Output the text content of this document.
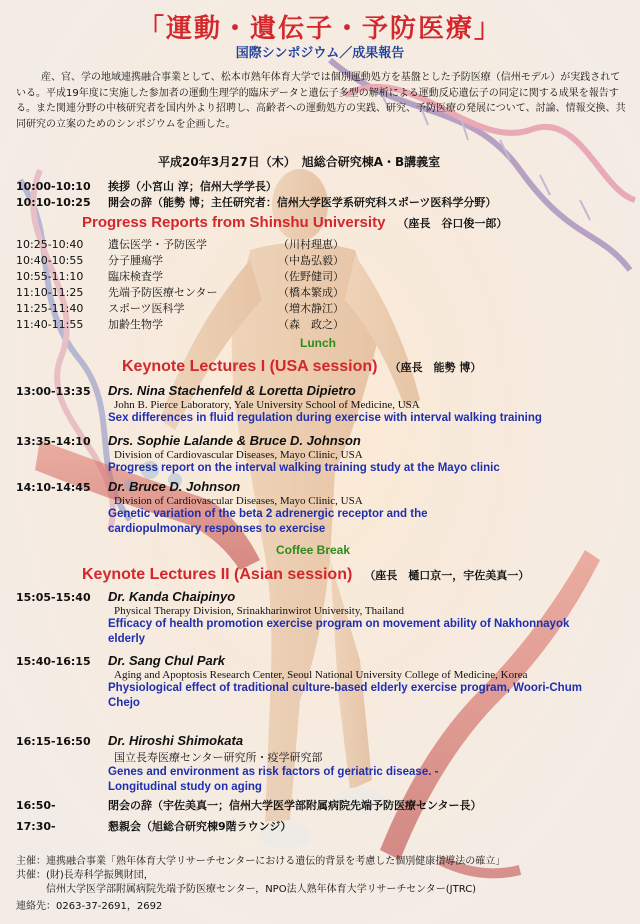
「運動・遺伝子・予防医療」
国際シンポジウム／成果報告
産、官、学の地域連携融合事業として、松本市熟年体育大学では個別運動処方を基盤とした予防医療（信州モデル）が実践されている。平成19年度に実施した参加者の運動生理学的臨床データと遺伝子多型の解析による運動反応遺伝子の同定に関する成果を報告する。また関連分野の中核研究者を国内外より招聘し、高齢者への運動処方の実践、研究、予防医療の発展について、討論、情報交換、共同研究の立案のためのシンポジウムを企画した。
平成20年3月27日（木）　旭総合研究棟A・B講義室
10:00-10:10 挨拶（小宮山 淳；信州大学学長）
10:10-10:25 開会の辞（能勢 博；主任研究者：信州大学医学系研究科スポーツ医科学分野）
Progress Reports from Shinshu University （座長　谷口俊一郎）
10:25-10:40 遺伝医学・予防医学	（川村理恵）
10:40-10:55 分子腫瘍学	（中島弘毅）
10:55-11:10 臨床検査学	（佐野健司）
11:10-11:25 先端予防医療センター	（橋本繁成）
11:25-11:40 スポーツ医科学	（増木静江）
11:40-11:55 加齢生物学	（森　政之）
Lunch
Keynote Lectures I (USA session) （座長　能勢 博）
13:00-13:35 Drs. Nina Stachenfeld & Loretta Dipietro
John B. Pierce Laboratory, Yale University School of Medicine, USA
Sex differences in fluid regulation during exercise with interval walking training
13:35-14:10 Drs. Sophie Lalande & Bruce D. Johnson
Division of Cardiovascular Diseases, Mayo Clinic, USA
Progress report on the interval walking training study at the Mayo clinic
14:10-14:45 Dr. Bruce D. Johnson
Division of Cardiovascular Diseases, Mayo Clinic, USA
Genetic variation of the beta 2 adrenergic receptor and the cardiopulmonary responses to exercise
Coffee Break
Keynote Lectures II (Asian session) （座長　樋口京一，宇佐美真一）
15:05-15:40 Dr. Kanda Chaipinyo
Physical Therapy Division, Srinakharinwirot University, Thailand
Efficacy of health promotion exercise program on movement ability of Nakhonnayok elderly
15:40-16:15 Dr. Sang Chul Park
Aging and Apoptosis Research Center, Seoul National University College of Medicine, Korea
Physiological effect of traditional culture-based elderly exercise program, Woori-Chum Chejo
16:15-16:50 Dr. Hiroshi Shimokata
国立長寿医療センター研究所・疫学研究部
Genes and environment as risk factors of geriatric disease. - Longitudinal study on aging
16:50-	閉会の辞（宇佐美真一；信州大学医学部附属病院先端予防医療センター長）
17:30-	懇親会（旭総合研究棟9階ラウンジ）
主催：連携融合事業「熟年体育大学リサーチセンターにおける遺伝的背景を考慮した個別健康指導法の確立」
共催：(財)長寿科学振興財団，
信州大学医学部附属病院先端予防医療センター，NPO法人熟年体育大学リサーチセンター(JTRC)
連絡先：0263-37-2691，2692
